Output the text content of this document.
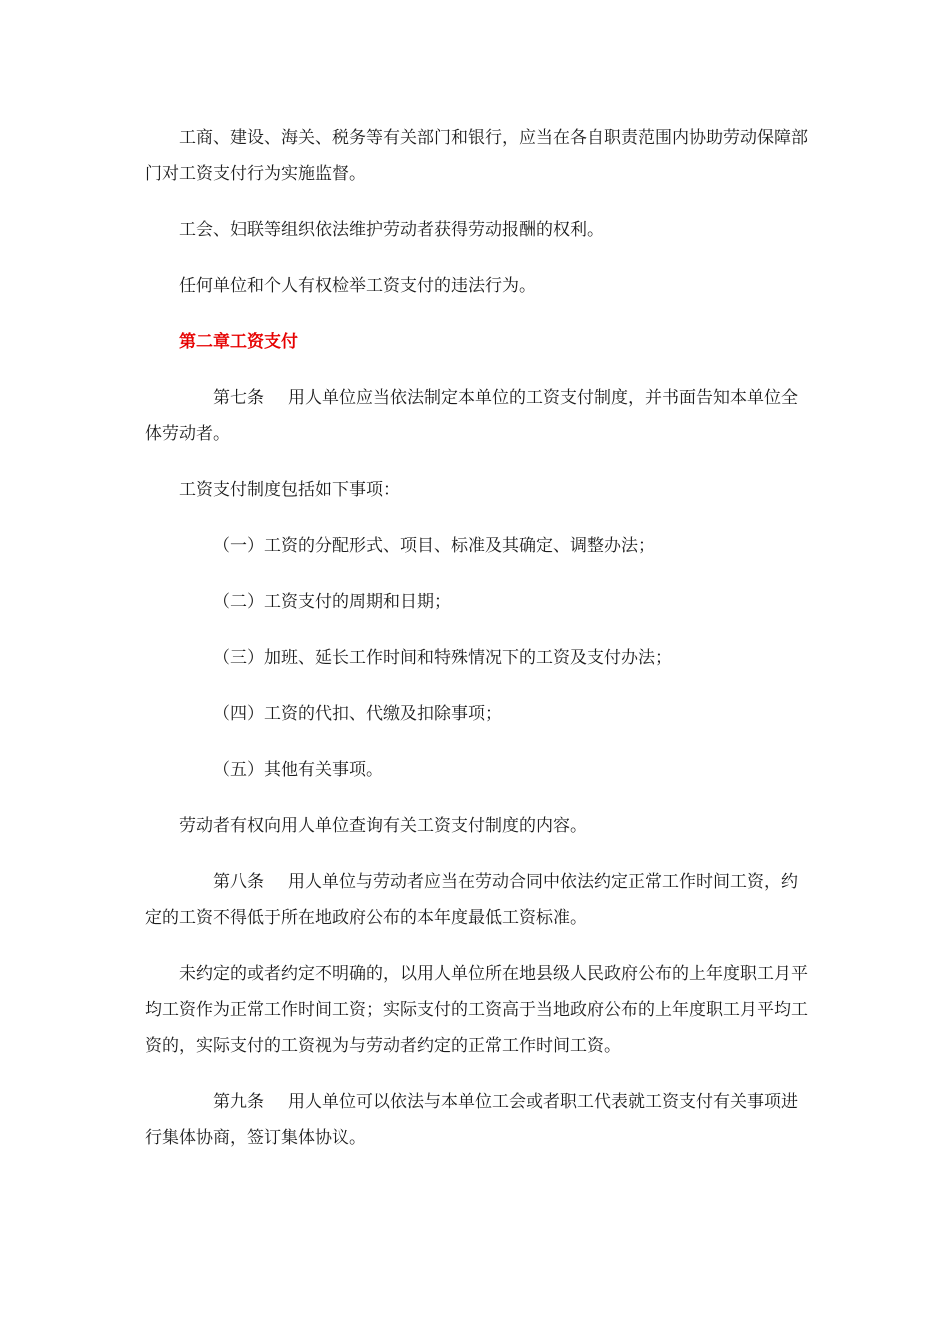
工商、建设、海关、税务等有关部门和银行，应当在各自职责范围内协助劳动保障部门对工资支付行为实施监督。

工会、妇联等组织依法维护劳动者获得劳动报酬的权利。

任何单位和个人有权检举工资支付的违法行为。

第二章工资支付

第七条 用人单位应当依法制定本单位的工资支付制度，并书面告知本单位全体劳动者。

工资支付制度包括如下事项：

（一）工资的分配形式、项目、标准及其确定、调整办法；

（二）工资支付的周期和日期；

（三）加班、延长工作时间和特殊情况下的工资及支付办法；

（四）工资的代扣、代缴及扣除事项；

（五）其他有关事项。

劳动者有权向用人单位查询有关工资支付制度的内容。

第八条 用人单位与劳动者应当在劳动合同中依法约定正常工作时间工资，约定的工资不得低于所在地政府公布的本年度最低工资标准。

未约定的或者约定不明确的，以用人单位所在地县级人民政府公布的上年度职工月平均工资作为正常工作时间工资；实际支付的工资高于当地政府公布的上年度职工月平均工资的，实际支付的工资视为与劳动者约定的正常工作时间工资。

第九条 用人单位可以依法与本单位工会或者职工代表就工资支付有关事项进行集体协商，签订集体协议。
